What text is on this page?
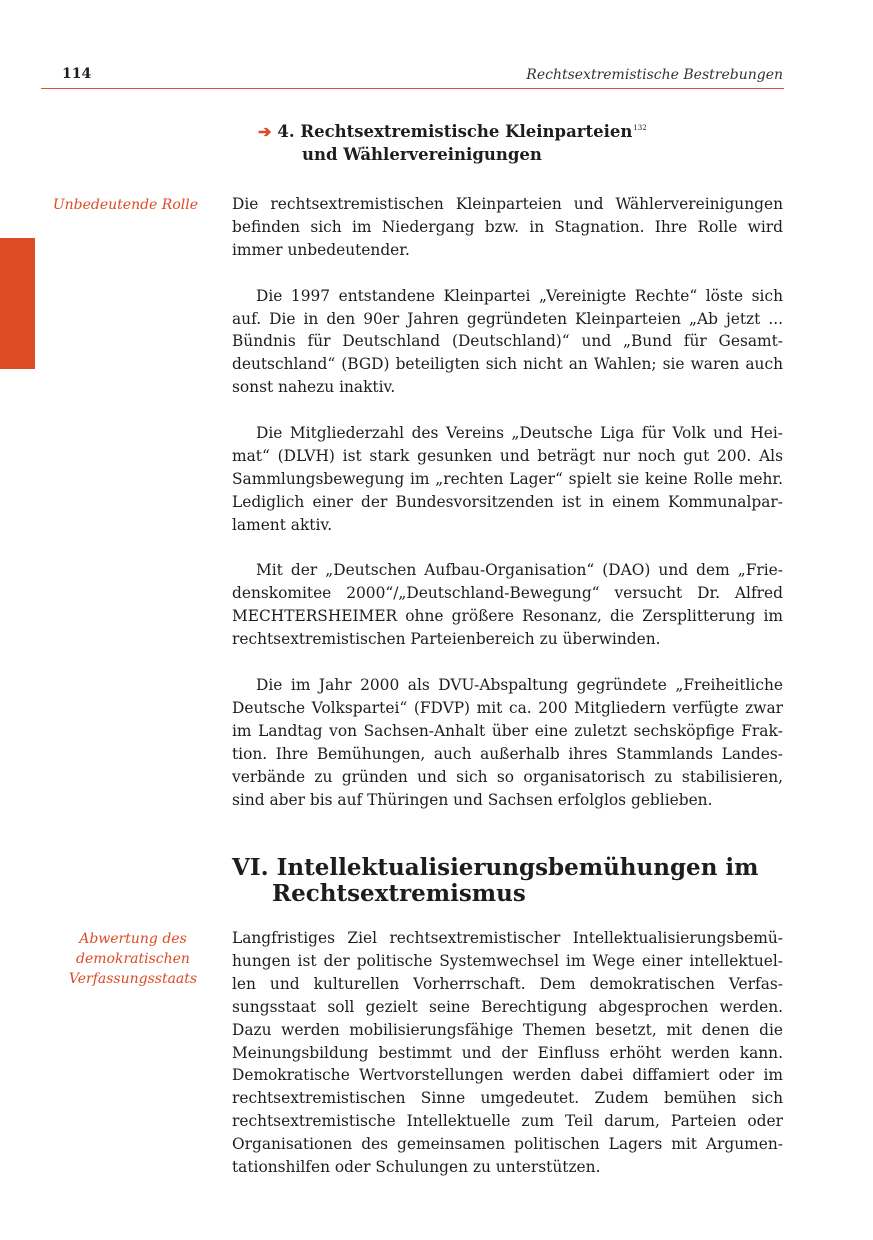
114	Rechtsextremistische Bestrebungen
➔ 4. Rechtsextremistische Kleinparteien$^{132}$
und Wählervereinigungen
Unbedeutende Rolle Die rechtsextremistischen Kleinparteien und Wählervereinigungen befinden sich im Niedergang bzw. in Stagnation. Ihre Rolle wird immer unbedeutender.

Die 1997 entstandene Kleinpartei „Vereinigte Rechte“ löste sich auf. Die in den 90er Jahren gegründeten Kleinparteien „Ab jetzt ... Bündnis für Deutschland (Deutschland)“ und „Bund für Gesamtdeutschland“ (BGD) beteiligten sich nicht an Wahlen; sie waren auch sonst nahezu inaktiv.

Die Mitgliederzahl des Vereins „Deutsche Liga für Volk und Heimat“ (DLVH) ist stark gesunken und beträgt nur noch gut 200. Als Sammlungsbewegung im „rechten Lager“ spielt sie keine Rolle mehr. Lediglich einer der Bundesvorsitzenden ist in einem Kommunalparlament aktiv.

Mit der „Deutschen Aufbau-Organisation“ (DAO) und dem „Friedenskomitee 2000“/„Deutschland-Bewegung“ versucht Dr. Alfred MECHTERSHEIMER ohne größere Resonanz, die Zersplitterung im rechtsextremistischen Parteienbereich zu überwinden.

Die im Jahr 2000 als DVU-Abspaltung gegründete „Freiheitliche Deutsche Volkspartei“ (FDVP) mit ca. 200 Mitgliedern verfügte zwar im Landtag von Sachsen-Anhalt über eine zuletzt sechsköpfige Fraktion. Ihre Bemühungen, auch außerhalb ihres Stammlands Landesverbände zu gründen und sich so organisatorisch zu stabilisieren, sind aber bis auf Thüringen und Sachsen erfolglos geblieben.

VI. Intellektualisierungsbemühungen im
Rechtsextremismus
Abwertung des demokratischen Verfassungsstaats

Langfristiges Ziel rechtsextremistischer Intellektualisierungsbemühungen ist der politische Systemwechsel im Wege einer intellektuellen und kulturellen Vorherrschaft. Dem demokratischen Verfassungsstaat soll gezielt seine Berechtigung abgesprochen werden. Dazu werden mobilisierungsfähige Themen besetzt, mit denen die Meinungsbildung bestimmt und der Einfluss erhöht werden kann. Demokratische Wertvorstellungen werden dabei diffamiert oder im rechtsextremistischen Sinne umgedeutet. Zudem bemühen sich rechtsextremistische Intellektuelle zum Teil darum, Parteien oder Organisationen des gemeinsamen politischen Lagers mit Argumentationshilfen oder Schulungen zu unterstützen.
